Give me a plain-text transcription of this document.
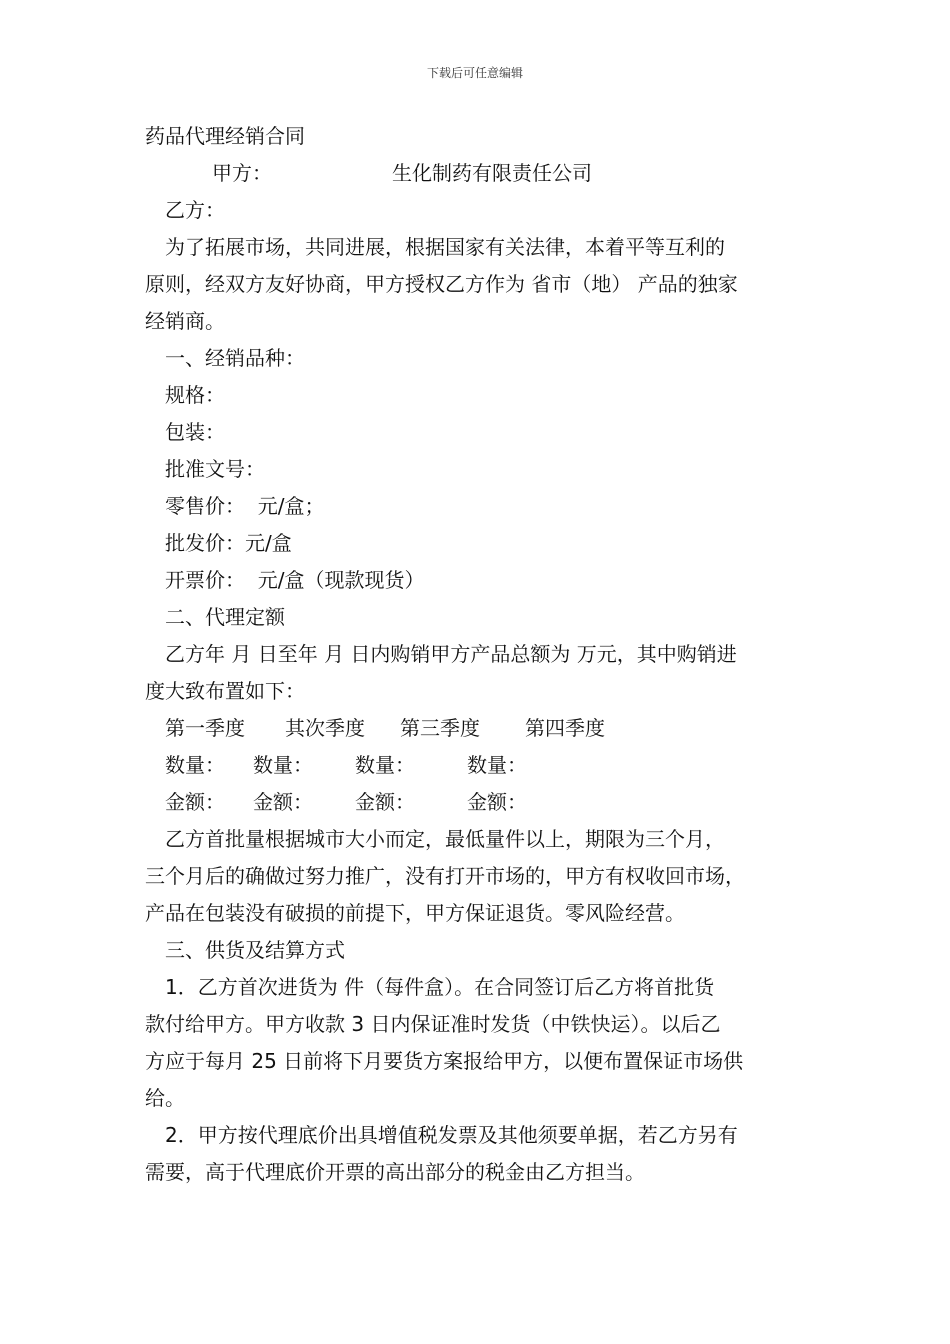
下载后可任意编辑

药品代理经销合同

甲方：	生化制药有限责任公司

乙方：

为了拓展市场，共同进展，根据国家有关法律，本着平等互利的

原则，经双方友好协商，甲方授权乙方作为 省市（地） 产品的独家

经销商。

一、经销品种：

规格：

包装：

批准文号：

零售价：  元/盒；

批发价：元/盒

开票价：  元/盒（现款现货）

二、代理定额

乙方年 月 日至年 月 日内购销甲方产品总额为 万元，其中购销进

度大致布置如下：

第一季度	其次季度	第三季度	第四季度
数量：	数量：	数量：	数量：
金额：	金额：	金额：	金额：

乙方首批量根据城市大小而定，最低量件以上，期限为三个月，

三个月后的确做过努力推广，没有打开市场的，甲方有权收回市场，

产品在包装没有破损的前提下，甲方保证退货。零风险经营。

三、供货及结算方式

1．乙方首次进货为 件（每件盒）。在合同签订后乙方将首批货

款付给甲方。甲方收款 3 日内保证准时发货（中铁快运）。以后乙

方应于每月 25 日前将下月要货方案报给甲方，以便布置保证市场供

给。

2．甲方按代理底价出具增值税发票及其他须要单据，若乙方另有

需要，高于代理底价开票的高出部分的税金由乙方担当。
